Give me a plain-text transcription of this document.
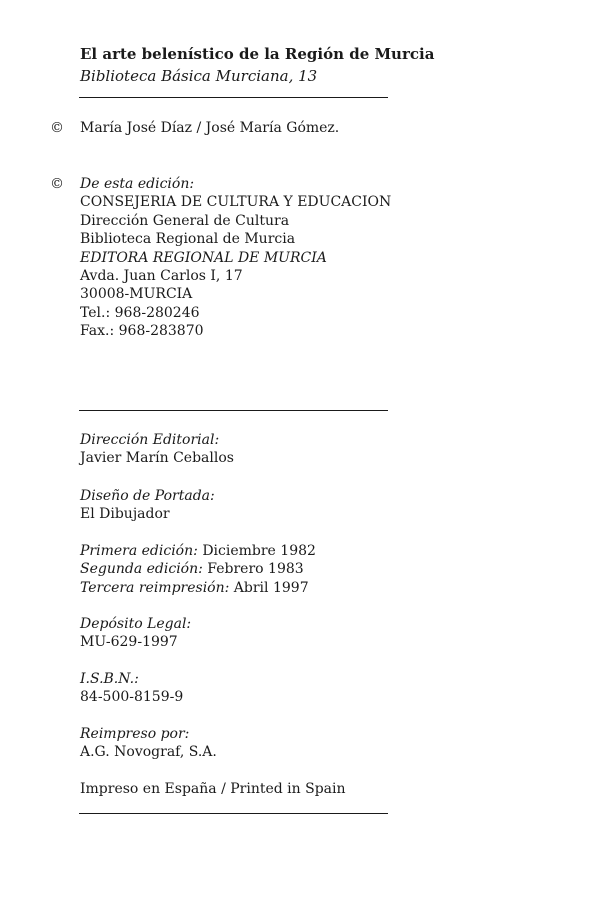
El arte belenístico de la Región de Murcia
Biblioteca Básica Murciana, 13
© María José Díaz / José María Gómez.
© De esta edición:
CONSEJERIA DE CULTURA Y EDUCACION
Dirección General de Cultura
Biblioteca Regional de Murcia
EDITORA REGIONAL DE MURCIA
Avda. Juan Carlos I, 17
30008-MURCIA
Tel.: 968-280246
Fax.: 968-283870
Dirección Editorial:
Javier Marín Ceballos
Diseño de Portada:
El Dibujador
Primera edición: Diciembre 1982
Segunda edición: Febrero 1983
Tercera reimpresión: Abril 1997
Depósito Legal:
MU-629-1997
I.S.B.N.:
84-500-8159-9
Reimpreso por:
A.G. Novograf, S.A.
Impreso en España / Printed in Spain
